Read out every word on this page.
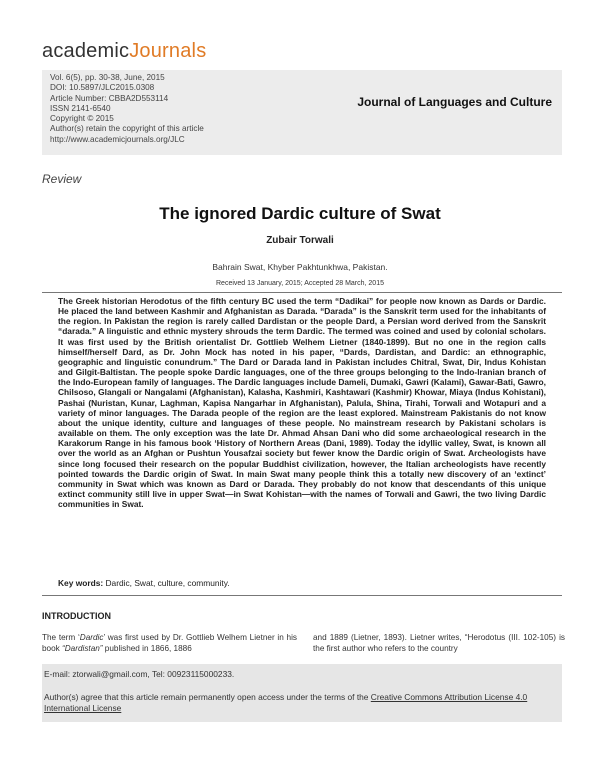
academicJournals
Vol. 6(5), pp. 30-38, June, 2015
DOI: 10.5897/JLC2015.0308
Article Number: CBBA2D553114
ISSN 2141-6540
Copyright © 2015
Author(s) retain the copyright of this article
http://www.academicjournals.org/JLC
Journal of Languages and Culture
Review
The ignored Dardic culture of Swat
Zubair Torwali
Bahrain Swat, Khyber Pakhtunkhwa, Pakistan.
Received 13 January, 2015; Accepted 28 March, 2015

The Greek historian Herodotus of the fifth century BC used the term “Dadikai” for people now known as Dards or Dardic. He placed the land between Kashmir and Afghanistan as Darada. “Darada” is the Sanskrit term used for the inhabitants of the region. In Pakistan the region is rarely called Dardistan or the people Dard, a Persian word derived from the Sanskrit “darada.” A linguistic and ethnic mystery shrouds the term Dardic. The termed was coined and used by colonial scholars. It was first used by the British orientalist Dr. Gottlieb Welhem Lietner (1840-1899). But no one in the region calls himself/herself Dard, as Dr. John Mock has noted in his paper, “Dards, Dardistan, and Dardic: an ethnographic, geographic and linguistic conundrum.” The Dard or Darada land in Pakistan includes Chitral, Swat, Dir, Indus Kohistan and Gilgit-Baltistan. The people spoke Dardic languages, one of the three groups belonging to the Indo-Iranian branch of the Indo-European family of languages. The Dardic languages include Dameli, Dumaki, Gawri (Kalami), Gawar-Bati, Gawro, Chilsoso, Glangali or Nangalami (Afghanistan), Kalasha, Kashmiri, Kashtawari (Kashmir) Khowar, Miaya (Indus Kohistani), Pashai (Nuristan, Kunar, Laghman, Kapisa Nangarhar in Afghanistan), Palula, Shina, Tirahi, Torwali and Wotapuri and a variety of minor languages. The Darada people of the region are the least explored. Mainstream Pakistanis do not know about the unique identity, culture and languages of these people. No mainstream research by Pakistani scholars is available on them. The only exception was the late Dr. Ahmad Ahsan Dani who did some archaeological research in the Karakorum Range in his famous book ‘History of Northern Areas (Dani, 1989). Today the idyllic valley, Swat, is known all over the world as an Afghan or Pushtun Yousafzai society but fewer know the Dardic origin of Swat. Archeologists have since long focused their research on the popular Buddhist civilization, however, the Italian archeologists have recently pointed towards the Dardic origin of Swat. In main Swat many people think this a totally new discovery of an ‘extinct’ community in Swat which was known as Dard or Darada. They probably do not know that descendants of this unique extinct community still live in upper Swat—in Swat Kohistan—with the names of Torwali and Gawri, the two living Dardic communities in Swat.

Key words: Dardic, Swat, culture, community.
INTRODUCTION

The term ‘Dardic’ was first used by Dr. Gottlieb Welhem Lietner in his book “Dardistan” published in 1866, 1886

and 1889 (Lietner, 1893). Lietner writes, “Herodotus (III. 102-105) is the first author who refers to the country

E-mail: ztorwali@gmail.com, Tel: 00923115000233.

Author(s) agree that this article remain permanently open access under the terms of the Creative Commons Attribution License 4.0 International License
